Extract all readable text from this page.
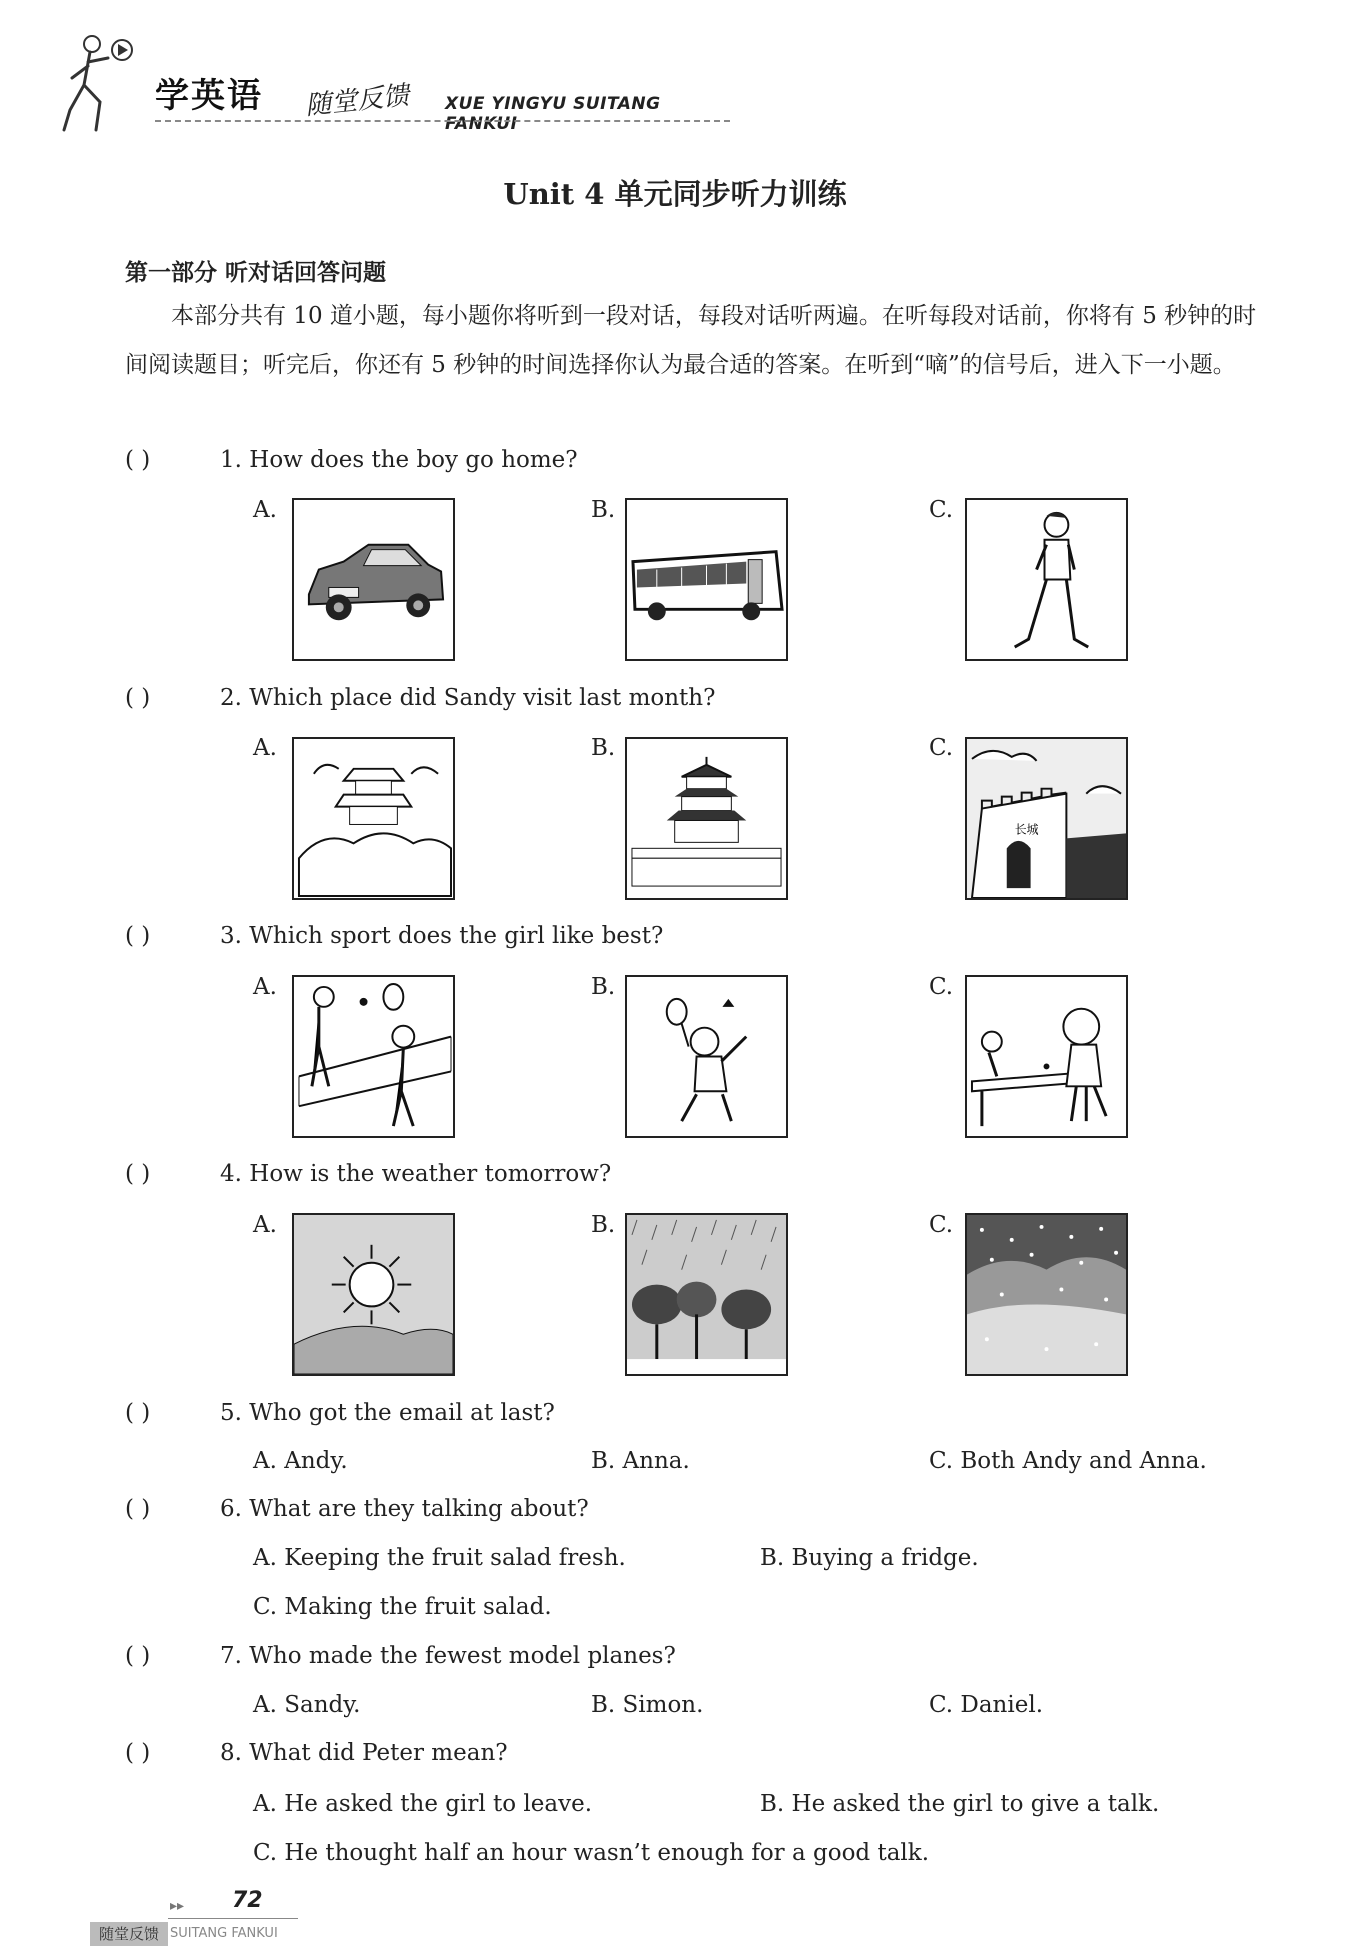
学英语 随堂反馈 XUE YINGYU SUITANG FANKUI
Unit 4 单元同步听力训练
第一部分 听对话回答问题
本部分共有 10 道小题，每小题你将听到一段对话，每段对话听两遍。在听每段对话前，你将有 5 秒钟的时间阅读题目；听完后，你还有 5 秒钟的时间选择你认为最合适的答案。在听到“嘀”的信号后，进入下一小题。
( )	1. How does the boy go home?
A.	B.	C.
( )	2. Which place did Sandy visit last month?
A.	B.	C.
长城
( )	3. Which sport does the girl like best?
A.	B.	C.
( )	4. How is the weather tomorrow?
A.	B.	C.
( )	5. Who got the email at last?
A. Andy.	B. Anna.	C. Both Andy and Anna.
( )	6. What are they talking about?
A. Keeping the fruit salad fresh.	B. Buying a fridge.
C. Making the fruit salad.
( )	7. Who made the fewest model planes?
A. Sandy.	B. Simon.	C. Daniel.
( )	8. What did Peter mean?
A. He asked the girl to leave.	B. He asked the girl to give a talk.
C. He thought half an hour wasn’t enough for a good talk.
▸▸ 72
随堂反馈 SUITANG FANKUI
